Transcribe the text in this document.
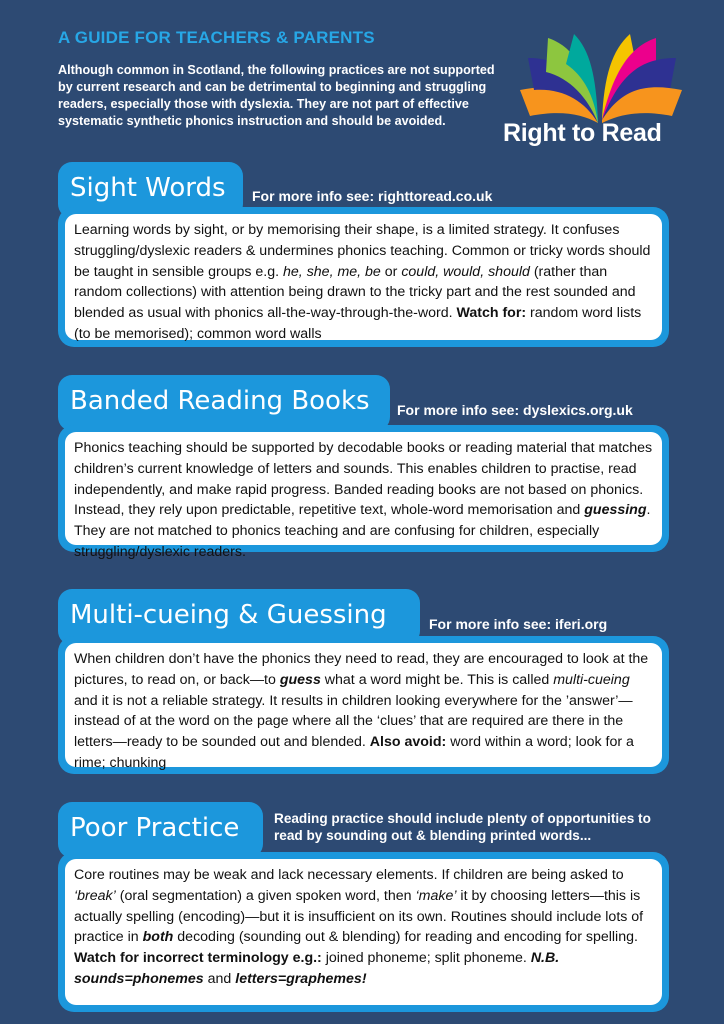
A GUIDE FOR TEACHERS & PARENTS
Although common in Scotland, the following practices are not supported by current research and can be detrimental to beginning and struggling readers, especially those with dyslexia. They are not part of effective systematic synthetic phonics instruction and should be avoided.	Right to Read
Sight Words	For more info see: righttoread.co.uk
Learning words by sight, or by memorising their shape, is a limited strategy. It confuses struggling/dyslexic readers & undermines phonics teaching. Common or tricky words should be taught in sensible groups e.g. he, she, me, be or could, would, should (rather than random collections) with attention being drawn to the tricky part and the rest sounded and blended as usual with phonics all-the-way-through-the-word. Watch for: random word lists (to be memorised); common word walls
Banded Reading Books	For more info see: dyslexics.org.uk
Phonics teaching should be supported by decodable books or reading material that matches children’s current knowledge of letters and sounds. This enables children to practise, read independently, and make rapid progress. Banded reading books are not based on phonics. Instead, they rely upon predictable, repetitive text, whole-word memorisation and guessing. They are not matched to phonics teaching and are confusing for children, especially struggling/dyslexic readers.
Multi-cueing & Guessing	For more info see: iferi.org
When children don’t have the phonics they need to read, they are encouraged to look at the pictures, to read on, or back—to guess what a word might be. This is called multi-cueing and it is not a reliable strategy. It results in children looking everywhere for the ’answer’— instead of at the word on the page where all the ‘clues’ that are required are there in the letters—ready to be sounded out and blended. Also avoid: word within a word; look for a rime; chunking
Poor Practice	Reading practice should include plenty of opportunities to read by sounding out & blending printed words...
Core routines may be weak and lack necessary elements. If children are being asked to ‘break’ (oral segmentation) a given spoken word, then ‘make’ it by choosing letters—this is actually spelling (encoding)—but it is insufficient on its own. Routines should include lots of practice in both decoding (sounding out & blending) for reading and encoding for spelling. Watch for incorrect terminology e.g.: joined phoneme; split phoneme. N.B. sounds=phonemes and letters=graphemes!
